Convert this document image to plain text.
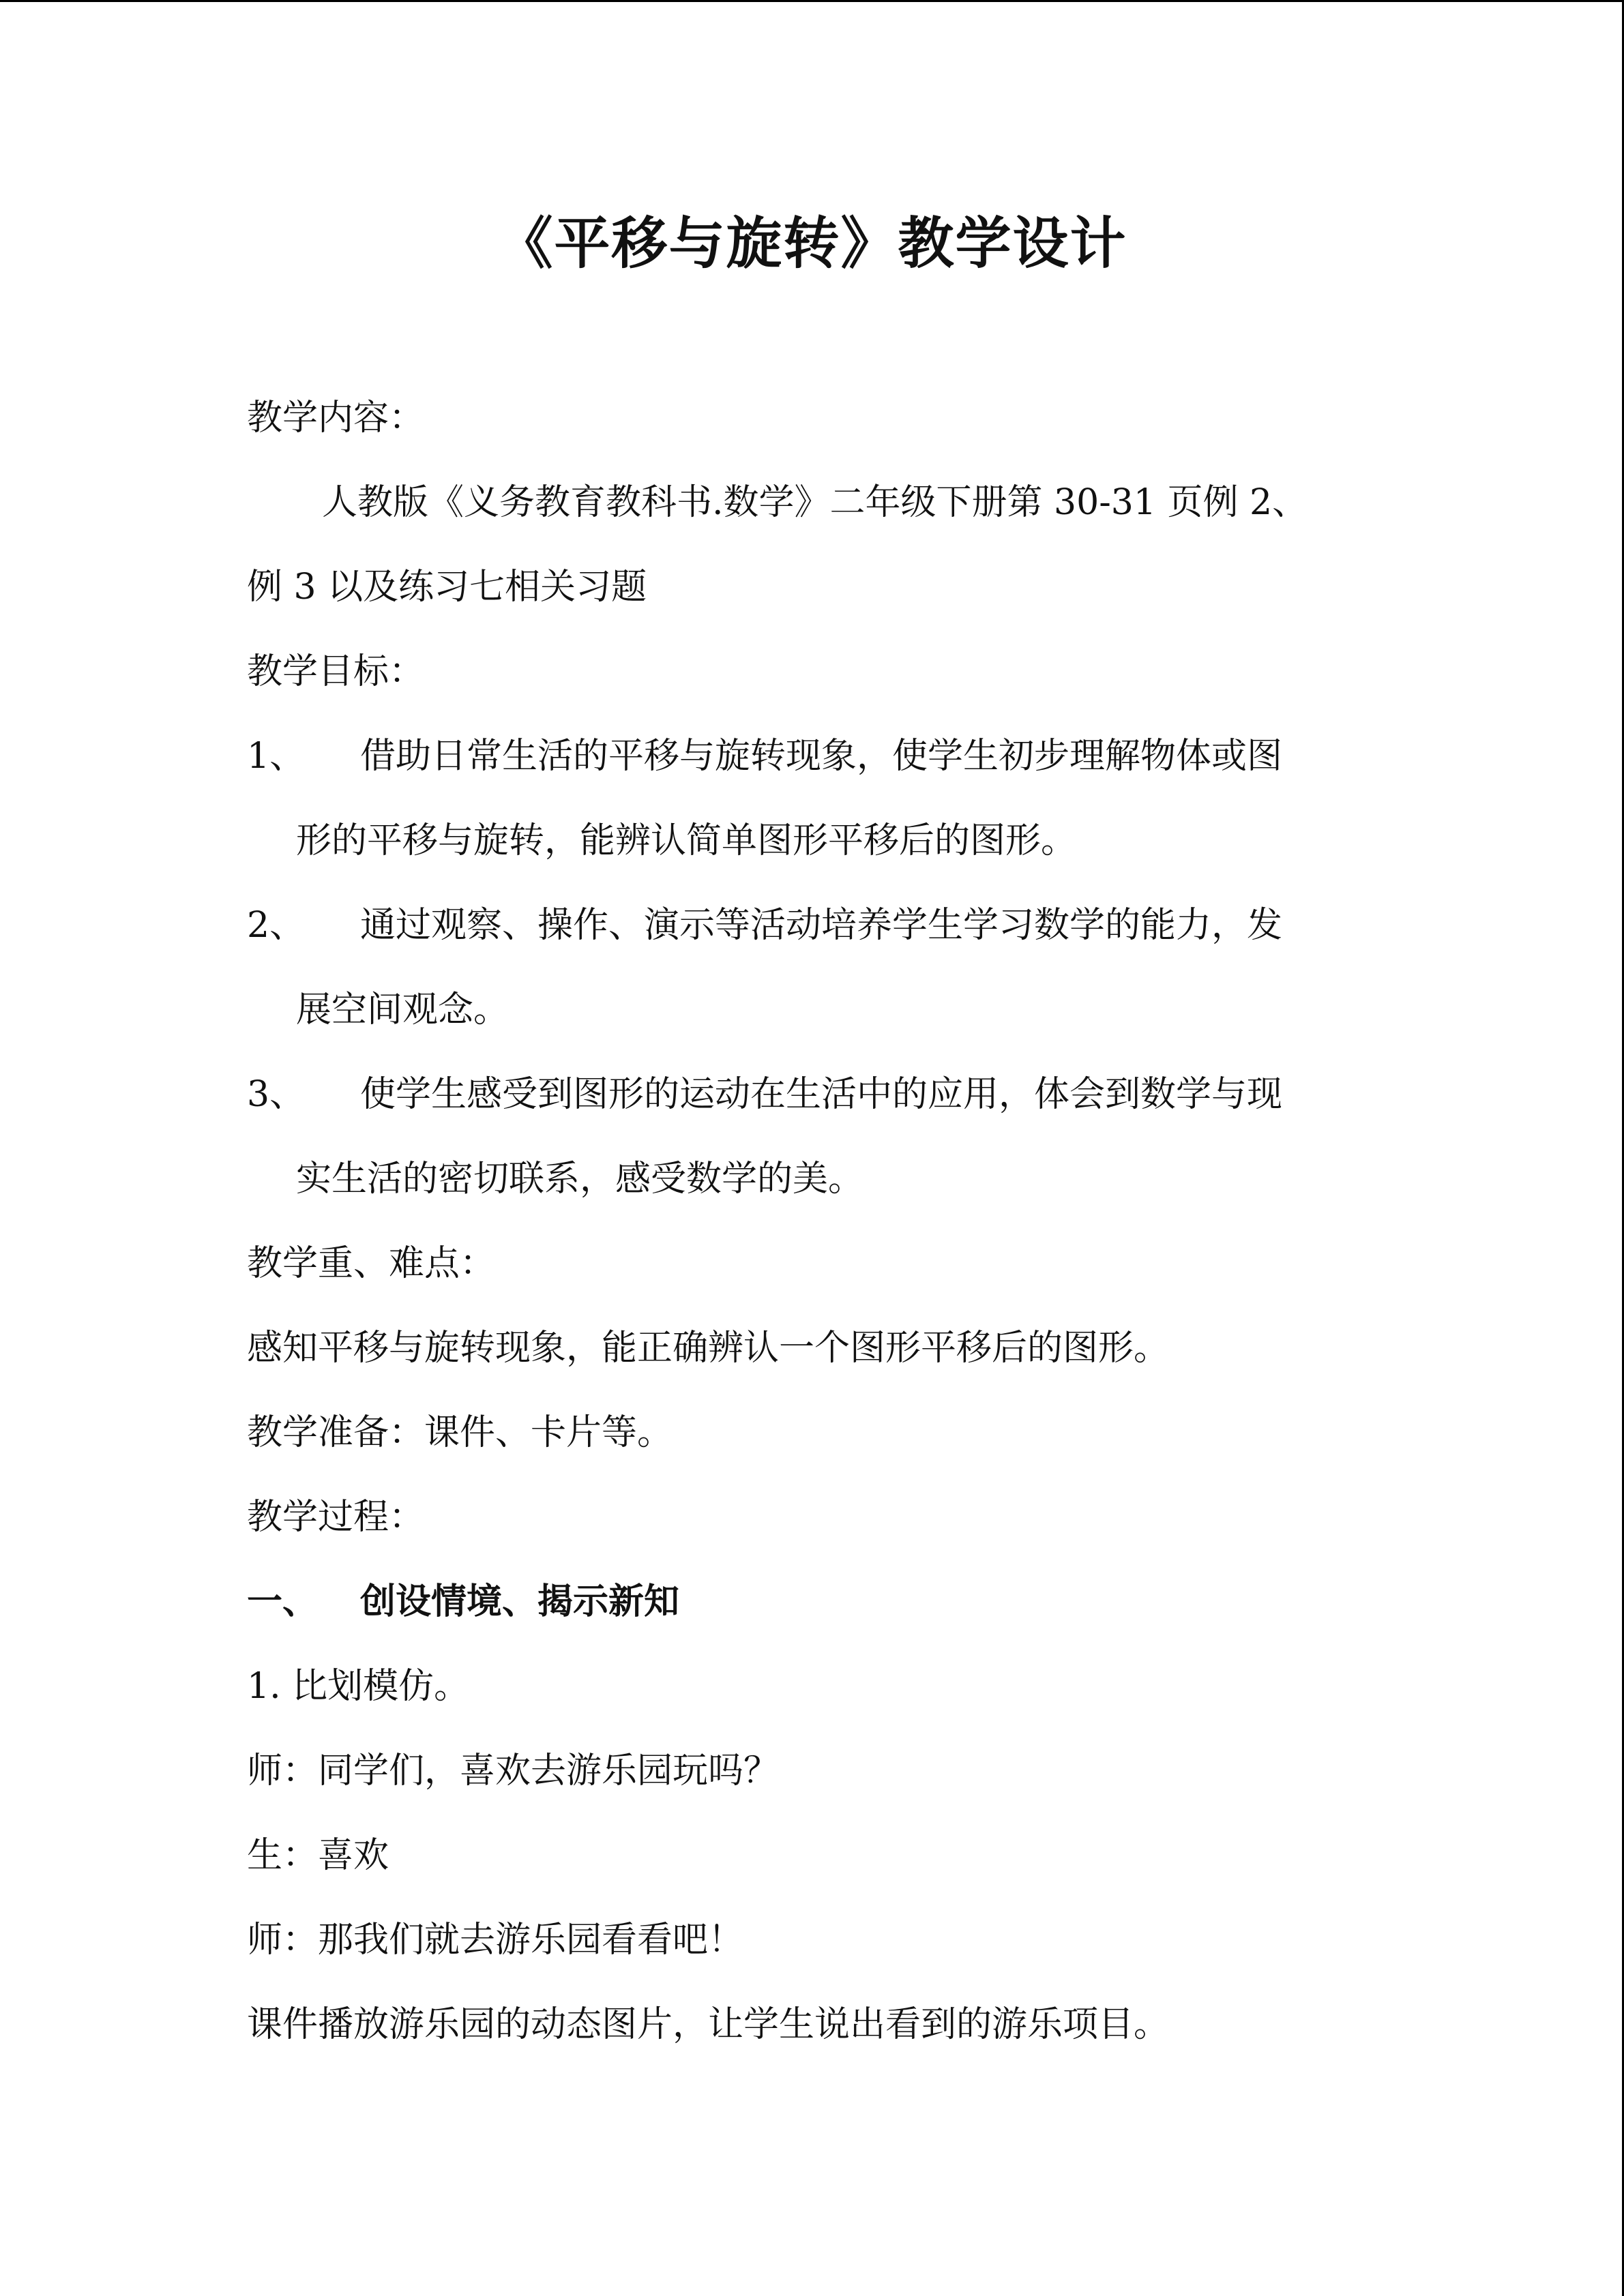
《平移与旋转》教学设计
教学内容：
人教版《义务教育教科书.数学》二年级下册第 30-31 页例 2、
例 3 以及练习七相关习题
教学目标：
1、 借助日常生活的平移与旋转现象，使学生初步理解物体或图
形的平移与旋转，能辨认简单图形平移后的图形。
2、 通过观察、操作、演示等活动培养学生学习数学的能力，发
展空间观念。
3、 使学生感受到图形的运动在生活中的应用，体会到数学与现
实生活的密切联系，感受数学的美。
教学重、难点：
感知平移与旋转现象，能正确辨认一个图形平移后的图形。
教学准备：课件、卡片等。
教学过程：
一、 创设情境、揭示新知
1. 比划模仿。
师：同学们，喜欢去游乐园玩吗？
生：喜欢
师：那我们就去游乐园看看吧！
课件播放游乐园的动态图片，让学生说出看到的游乐项目。
